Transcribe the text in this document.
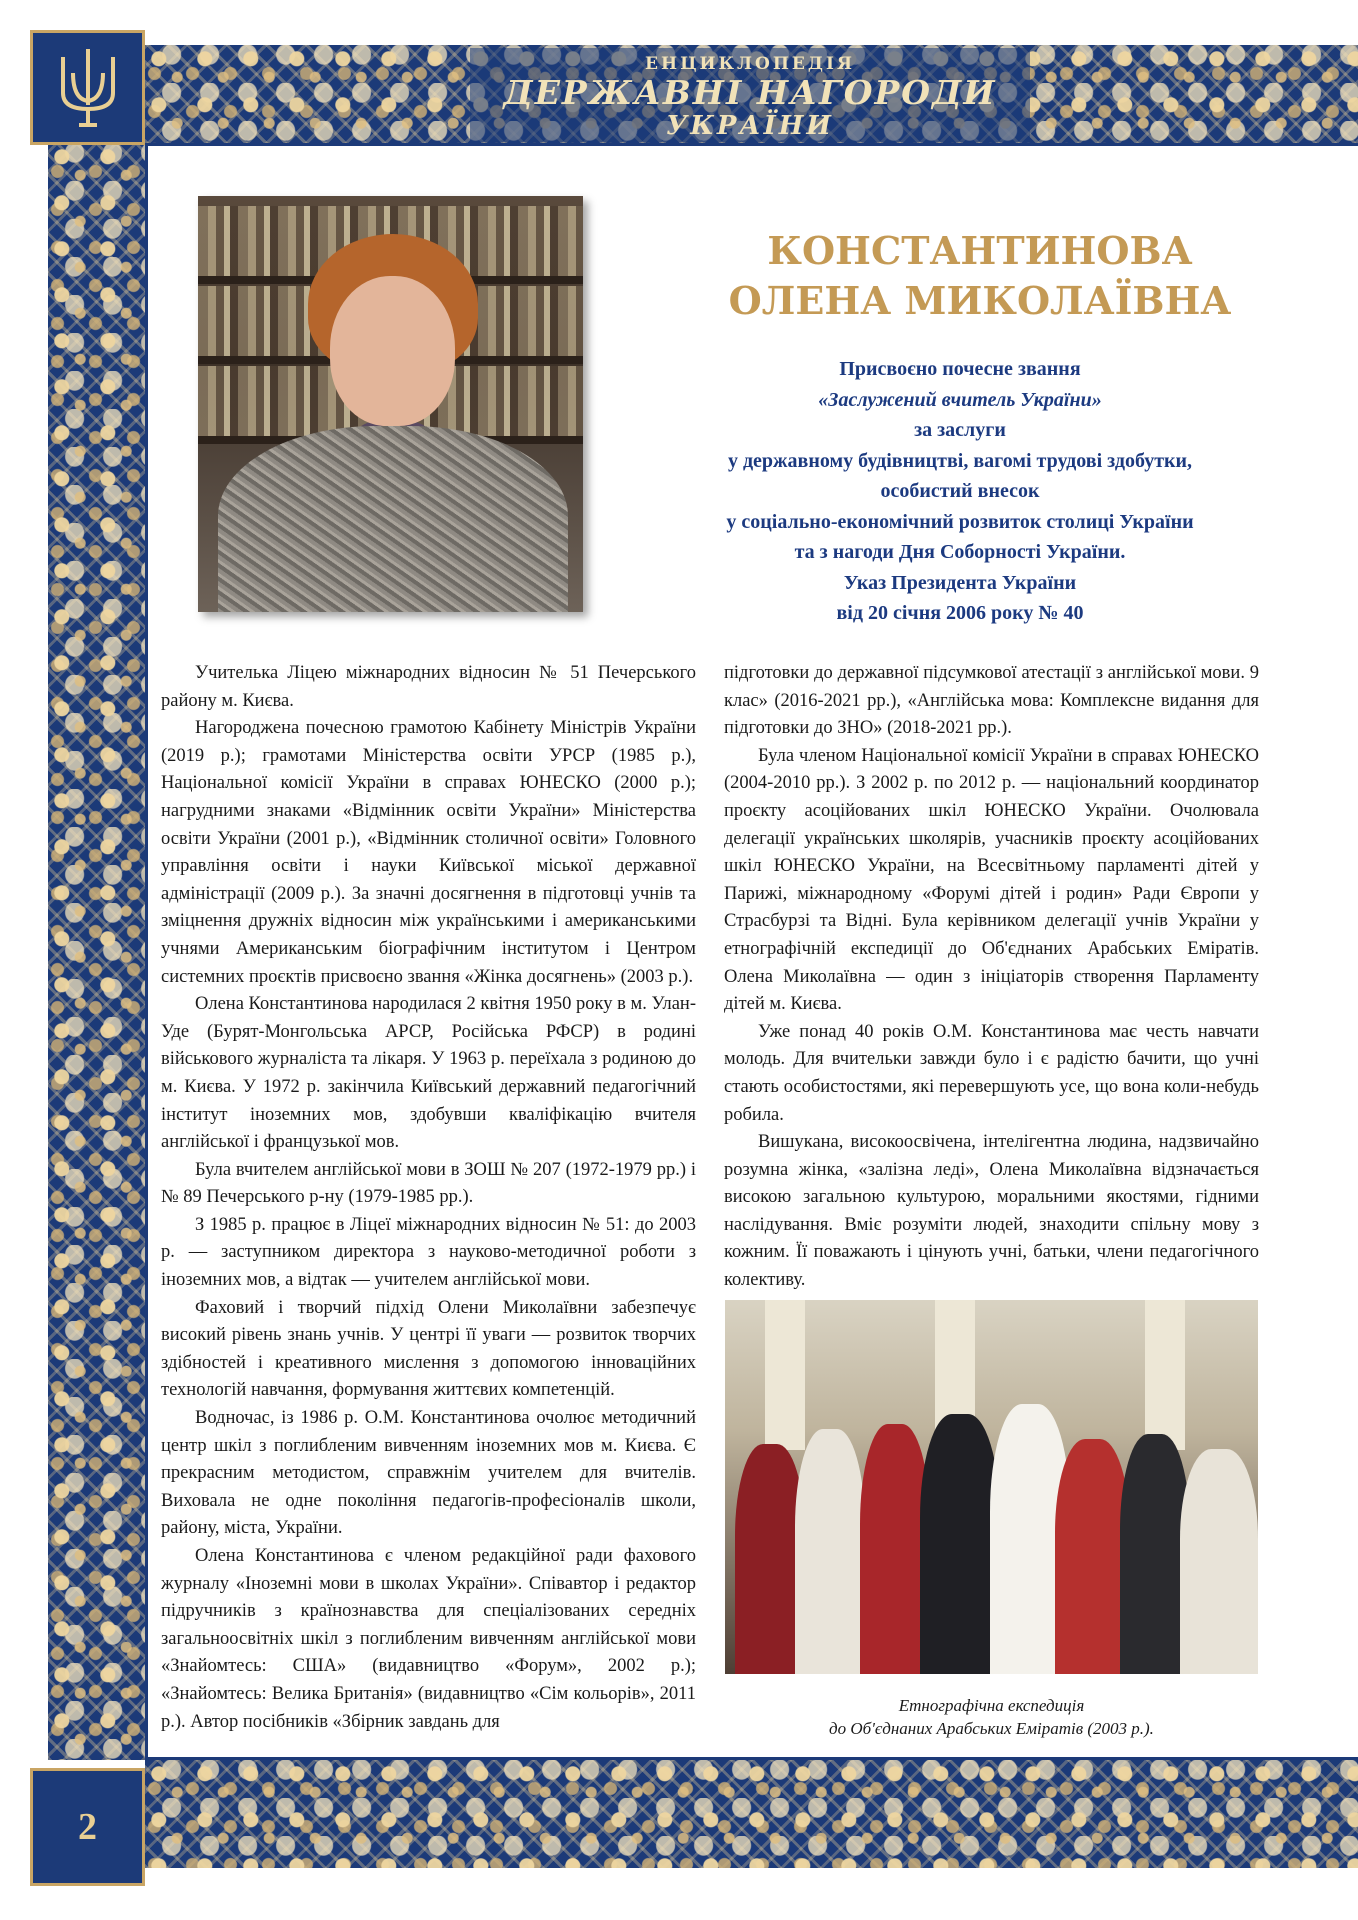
ЕНЦИКЛОПЕДІЯ
ДЕРЖАВНІ НАГОРОДИ
УКРАЇНИ
2
КОНСТАНТИНОВА
ОЛЕНА МИКОЛАЇВНА
Присвоєно почесне звання
«Заслужений вчитель України»
за заслуги
у державному будівництві, вагомі трудові здобутки,
особистий внесок
у соціально-економічний розвиток столиці України
та з нагоди Дня Соборності України.
Указ Президента України
від 20 січня 2006 року № 40

Учителька Ліцею міжнародних відносин № 51 Печерського району м. Києва.

Нагороджена почесною грамотою Кабінету Міністрів України (2019 р.); грамотами Міністерства освіти УРСР (1985 р.), Національної комісії України в справах ЮНЕСКО (2000 р.); нагрудними знаками «Відмінник освіти України» Міністерства освіти України (2001 р.), «Відмінник столичної освіти» Головного управління освіти і науки Київської міської державної адміністрації (2009 р.). За значні досягнення в підготовці учнів та зміцнення дружніх відносин між українськими і американськими учнями Американським біографічним інститутом і Центром системних проєктів присвоєно звання «Жінка досягнень» (2003 р.).

Олена Константинова народилася 2 квітня 1950 року в м. Улан-Уде (Бурят-Монгольська АРСР, Російська РФСР) в родині військового журналіста та лікаря. У 1963 р. переїхала з родиною до м. Києва. У 1972 р. закінчила Київський державний педагогічний інститут іноземних мов, здобувши кваліфікацію вчителя англійської і французької мов.

Була вчителем англійської мови в ЗОШ № 207 (1972-1979 рр.) і № 89 Печерського р-ну (1979-1985 рр.).

З 1985 р. працює в Ліцеї міжнародних відносин № 51: до 2003 р. — заступником директора з науково-методичної роботи з іноземних мов, а відтак — учителем англійської мови.

Фаховий і творчий підхід Олени Миколаївни забезпечує високий рівень знань учнів. У центрі її уваги — розвиток творчих здібностей і креативного мислення з допомогою інноваційних технологій навчання, формування життєвих компетенцій.

Водночас, із 1986 р. О.М. Константинова очолює методичний центр шкіл з поглибленим вивченням іноземних мов м. Києва. Є прекрасним методистом, справжнім учителем для вчителів. Виховала не одне покоління педагогів-професіоналів школи, району, міста, України.

Олена Константинова є членом редакційної ради фахового журналу «Іноземні мови в школах України». Співавтор і редактор підручників з країнознавства для спеціалізованих середніх загальноосвітніх шкіл з поглибленим вивченням англійської мови «Знайомтесь: США» (видавництво «Форум», 2002 р.); «Знайомтесь: Велика Британія» (видавництво «Сім кольорів», 2011 р.). Автор посібників «Збірник завдань для

підготовки до державної підсумкової атестації з англійської мови. 9 клас» (2016-2021 рр.), «Англійська мова: Комплексне видання для підготовки до ЗНО» (2018-2021 рр.).

Була членом Національної комісії України в справах ЮНЕСКО (2004-2010 рр.). З 2002 р. по 2012 р. — національний координатор проєкту асоційованих шкіл ЮНЕСКО України. Очолювала делегації українських школярів, учасників проєкту асоційованих шкіл ЮНЕСКО України, на Всесвітньому парламенті дітей у Парижі, міжнародному «Форумі дітей і родин» Ради Європи у Страсбурзі та Відні. Була керівником делегації учнів України у етнографічній експедиції до Об'єднаних Арабських Еміратів. Олена Миколаївна — один з ініціаторів створення Парламенту дітей м. Києва.

Уже понад 40 років О.М. Константинова має честь навчати молодь. Для вчительки завжди було і є радістю бачити, що учні стають особистостями, які перевершують усе, що вона коли-небудь робила.

Вишукана, високоосвічена, інтелігентна людина, надзвичайно розумна жінка, «залізна леді», Олена Миколаївна відзначається високою загальною культурою, моральними якостями, гідними наслідування. Вміє розуміти людей, знаходити спільну мову з кожним. Її поважають і цінують учні, батьки, члени педагогічного колективу.

Етнографічна експедиція
до Об'єднаних Арабських Еміратів (2003 р.).
